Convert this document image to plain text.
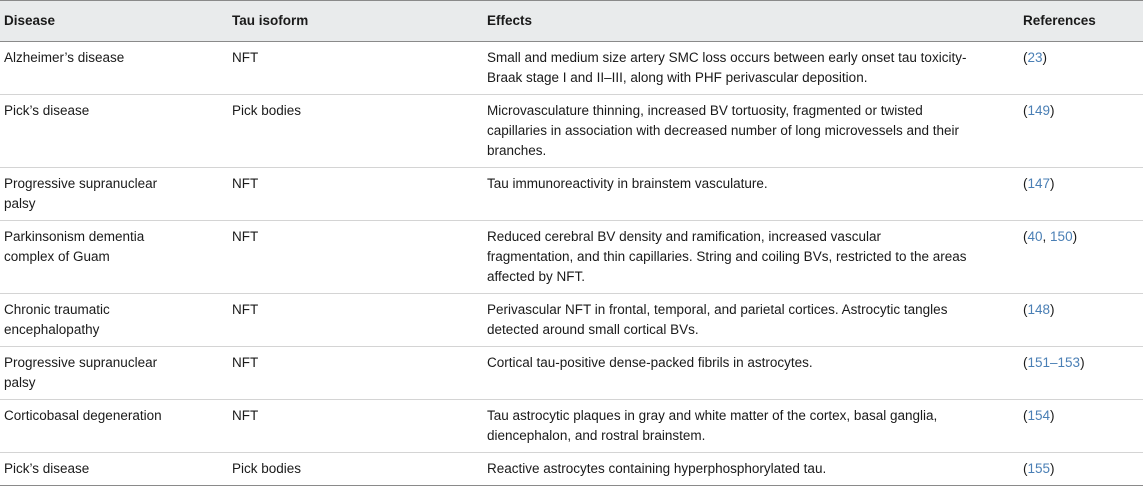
Disease	Tau isoform	Effects	References
Alzheimer’s disease	NFT	Small and medium size artery SMC loss occurs between early onset tau toxicity-Braak stage I and II–III, along with PHF perivascular deposition.	(23)
Pick’s disease	Pick bodies	Microvasculature thinning, increased BV tortuosity, fragmented or twisted capillaries in association with decreased number of long microvessels and their branches.	(149)
Progressive supranuclear palsy	NFT	Tau immunoreactivity in brainstem vasculature.	(147)
Parkinsonism dementia complex of Guam	NFT	Reduced cerebral BV density and ramification, increased vascular fragmentation, and thin capillaries. String and coiling BVs, restricted to the areas affected by NFT.	(40, 150)
Chronic traumatic encephalopathy	NFT	Perivascular NFT in frontal, temporal, and parietal cortices. Astrocytic tangles detected around small cortical BVs.	(148)
Progressive supranuclear palsy	NFT	Cortical tau-positive dense-packed fibrils in astrocytes.	(151–153)
Corticobasal degeneration	NFT	Tau astrocytic plaques in gray and white matter of the cortex, basal ganglia, diencephalon, and rostral brainstem.	(154)
Pick’s disease	Pick bodies	Reactive astrocytes containing hyperphosphorylated tau.	(155)
